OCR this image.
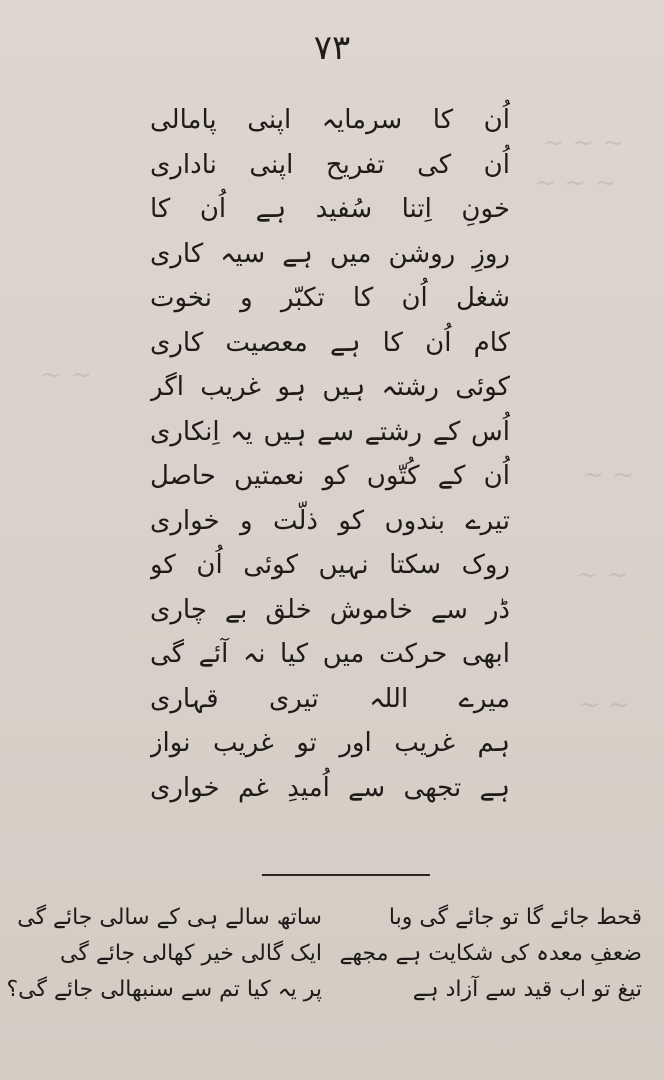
~ ~ ~
~ ~ ~
~ ~
~ ~
~ ~
~ ~
۷۳
اُن کا سرمایہ اپنی پامالی
اُن کی تفریح اپنی ناداری
خونِ اِتنا سُفید ہے اُن کا
روزِ روشن میں ہے سیہ کاری
شغل اُن کا تکبّر و نخوت
کام اُن کا ہے معصیت کاری
کوئی رشتہ ہیں ہو غریب اگر
اُس کے رشتے سے ہیں یہ اِنکاری
اُن کے کُتّوں کو نعمتیں حاصل
تیرے بندوں کو ذلّت و خواری
روک سکتا نہیں کوئی اُن کو
ڈر سے خاموش خلق بے چاری
ابھی حرکت میں کیا نہ آئے گی
میرے اللہ تیری قہاری
ہم غریب اور تو غریب نواز
ہے تجھی سے اُمیدِ غم خواری
قحط جائے گا تو جائے گی وبا
ضعفِ معدہ کی شکایت ہے مجھے
تیغ تو اب قید سے آزاد ہے
ساتھ سالے ہی کے سالی جائے گی
ایک گالی خیر کھالی جائے گی
پر یہ کیا تم سے سنبھالی جائے گی؟
